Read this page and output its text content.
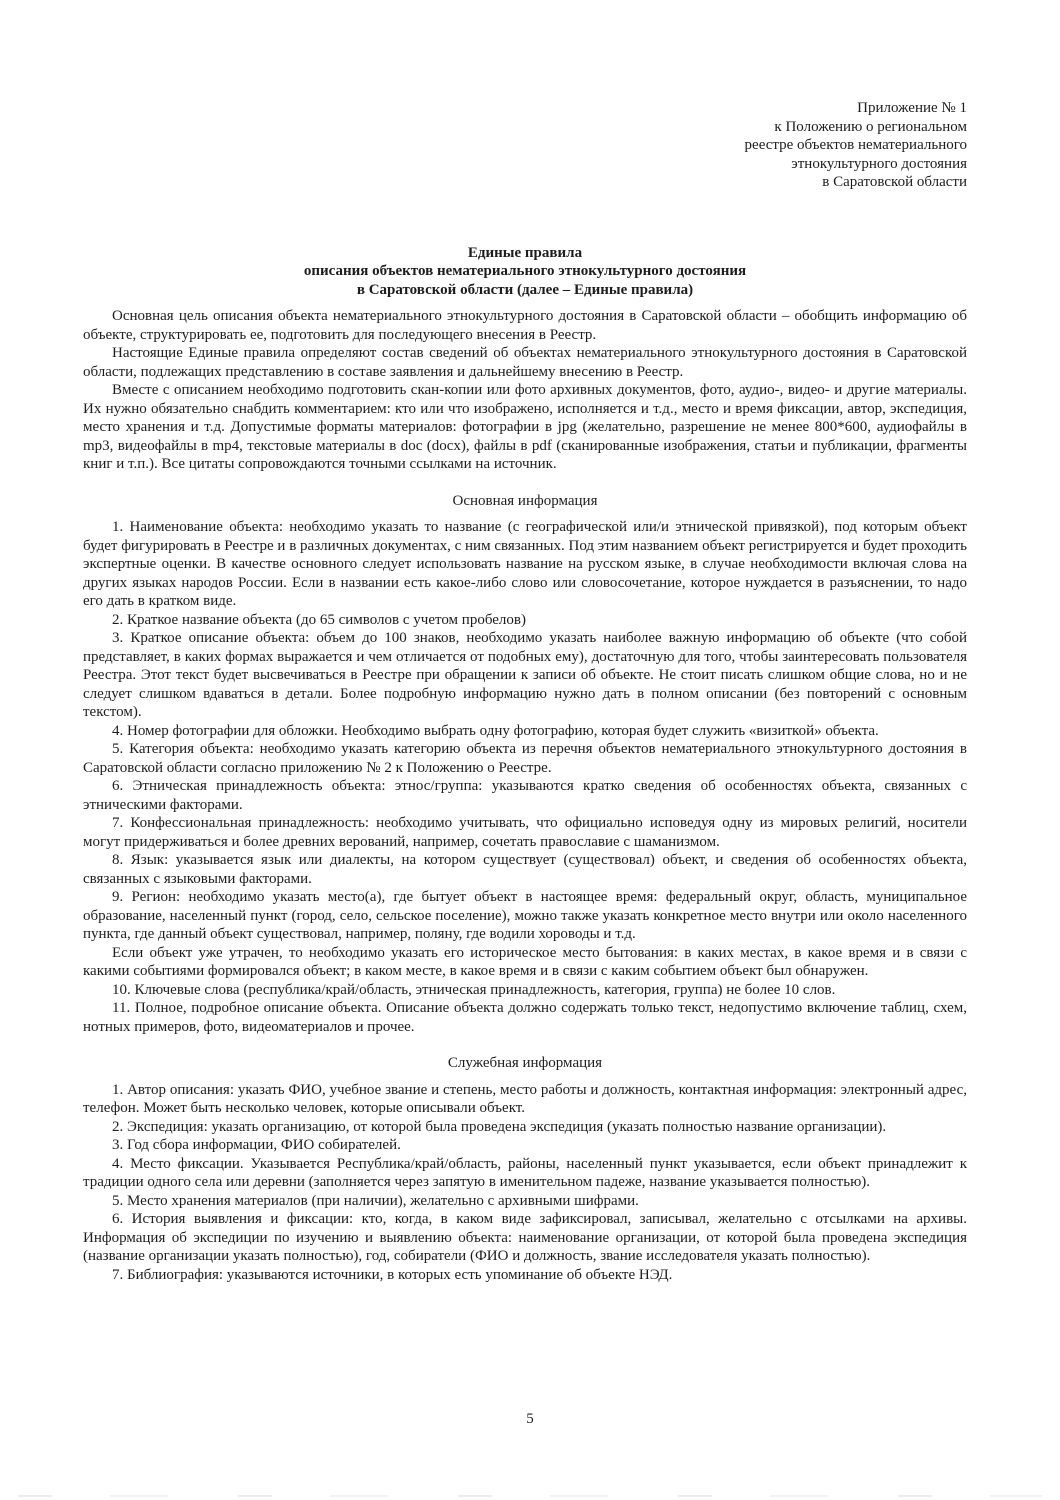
Приложение № 1
к Положению о региональном
реестре объектов нематериального
этнокультурного достояния
в Саратовской области
Единые правила
описания объектов нематериального этнокультурного достояния
в Саратовской области (далее – Единые правила)

Основная цель описания объекта нематериального этнокультурного достояния в Саратовской области – обобщить информацию об объекте, структурировать ее, подготовить для последующего внесения в Реестр.

Настоящие Единые правила определяют состав сведений об объектах нематериального этнокультурного достояния в Саратовской области, подлежащих представлению в составе заявления и дальнейшему внесению в Реестр.

Вместе с описанием необходимо подготовить скан-копии или фото архивных документов, фото, аудио-, видео- и другие материалы. Их нужно обязательно снабдить комментарием: кто или что изображено, исполняется и т.д., место и время фиксации, автор, экспедиция, место хранения и т.д. Допустимые форматы материалов: фотографии в jpg (желательно, разрешение не менее 800*600, аудиофайлы в mp3, видеофайлы в mp4, текстовые материалы в doc (docx), файлы в pdf (сканированные изображения, статьи и публикации, фрагменты книг и т.п.). Все цитаты сопровождаются точными ссылками на источник.

Основная информация

1. Наименование объекта: необходимо указать то название (с географической или/и этнической привязкой), под которым объект будет фигурировать в Реестре и в различных документах, с ним связанных. Под этим названием объект регистрируется и будет проходить экспертные оценки. В качестве основного следует использовать название на русском языке, в случае необходимости включая слова на других языках народов России. Если в названии есть какое-либо слово или словосочетание, которое нуждается в разъяснении, то надо его дать в кратком виде.

2. Краткое название объекта (до 65 символов с учетом пробелов)

3. Краткое описание объекта: объем до 100 знаков, необходимо указать наиболее важную информацию об объекте (что собой представляет, в каких формах выражается и чем отличается от подобных ему), достаточную для того, чтобы заинтересовать пользователя Реестра. Этот текст будет высвечиваться в Реестре при обращении к записи об объекте. Не стоит писать слишком общие слова, но и не следует слишком вдаваться в детали. Более подробную информацию нужно дать в полном описании (без повторений с основным текстом).

4. Номер фотографии для обложки. Необходимо выбрать одну фотографию, которая будет служить «визиткой» объекта.

5. Категория объекта: необходимо указать категорию объекта из перечня объектов нематериального этнокультурного достояния в Саратовской области согласно приложению № 2 к Положению о Реестре.

6. Этническая принадлежность объекта: этнос/группа: указываются кратко сведения об особенностях объекта, связанных с этническими факторами.

7. Конфессиональная принадлежность: необходимо учитывать, что официально исповедуя одну из мировых религий, носители могут придерживаться и более древних верований, например, сочетать православие с шаманизмом.

8. Язык: указывается язык или диалекты, на котором существует (существовал) объект, и сведения об особенностях объекта, связанных с языковыми факторами.

9. Регион: необходимо указать место(а), где бытует объект в настоящее время: федеральный округ, область, муниципальное образование, населенный пункт (город, село, сельское поселение), можно также указать конкретное место внутри или около населенного пункта, где данный объект существовал, например, поляну, где водили хороводы и т.д.

Если объект уже утрачен, то необходимо указать его историческое место бытования: в каких местах, в какое время и в связи с какими событиями формировался объект; в каком месте, в какое время и в связи с каким событием объект был обнаружен.

10. Ключевые слова (республика/край/область, этническая принадлежность, категория, группа) не более 10 слов.

11. Полное, подробное описание объекта. Описание объекта должно содержать только текст, недопустимо включение таблиц, схем, нотных примеров, фото, видеоматериалов и прочее.

Служебная информация

1. Автор описания: указать ФИО, учебное звание и степень, место работы и должность, контактная информация: электронный адрес, телефон. Может быть несколько человек, которые описывали объект.

2. Экспедиция: указать организацию, от которой была проведена экспедиция (указать полностью название организации).

3. Год сбора информации, ФИО собирателей.

4. Место фиксации. Указывается Республика/край/область, районы, населенный пункт указывается, если объект принадлежит к традиции одного села или деревни (заполняется через запятую в именительном падеже, название указывается полностью).

5. Место хранения материалов (при наличии), желательно с архивными шифрами.

6. История выявления и фиксации: кто, когда, в каком виде зафиксировал, записывал, желательно с отсылками на архивы. Информация об экспедиции по изучению и выявлению объекта: наименование организации, от которой была проведена экспедиция (название организации указать полностью), год, собиратели (ФИО и должность, звание исследователя указать полностью).

7. Библиография: указываются источники, в которых есть упоминание об объекте НЭД.

5
